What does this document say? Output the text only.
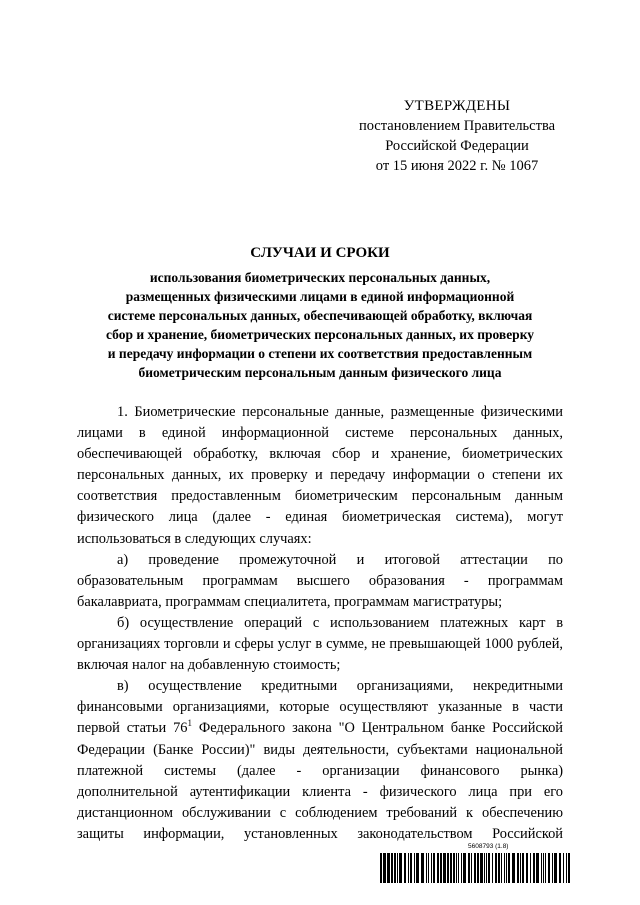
УТВЕРЖДЕНЫ
постановлением Правительства
Российской Федерации
от 15 июня 2022 г. № 1067
СЛУЧАИ И СРОКИ
использования биометрических персональных данных,
размещенных физическими лицами в единой информационной
системе персональных данных, обеспечивающей обработку, включая
сбор и хранение, биометрических персональных данных, их проверку
и передачу информации о степени их соответствия предоставленным
биометрическим персональным данным физического лица

1. Биометрические персональные данные, размещенные физическими лицами в единой информационной системе персональных данных, обеспечивающей обработку, включая сбор и хранение, биометрических персональных данных, их проверку и передачу информации о степени их соответствия предоставленным биометрическим персональным данным физического лица (далее - единая биометрическая система), могут использоваться в следующих случаях:

а) проведение промежуточной и итоговой аттестации по образовательным программам высшего образования - программам бакалавриата, программам специалитета, программам магистратуры;

б) осуществление операций с использованием платежных карт в организациях торговли и сферы услуг в сумме, не превышающей 1000 рублей, включая налог на добавленную стоимость;

в) осуществление кредитными организациями, некредитными финансовыми организациями, которые осуществляют указанные в части первой статьи $76^1$ Федерального закона "О Центральном банке Российской Федерации (Банке России)" виды деятельности, субъектами национальной платежной системы (далее - организации финансового рынка) дополнительной аутентификации клиента - физического лица при его дистанционном обслуживании с соблюдением требований к обеспечению защиты информации, установленных законодательством Российской

5608793 (1.8)
